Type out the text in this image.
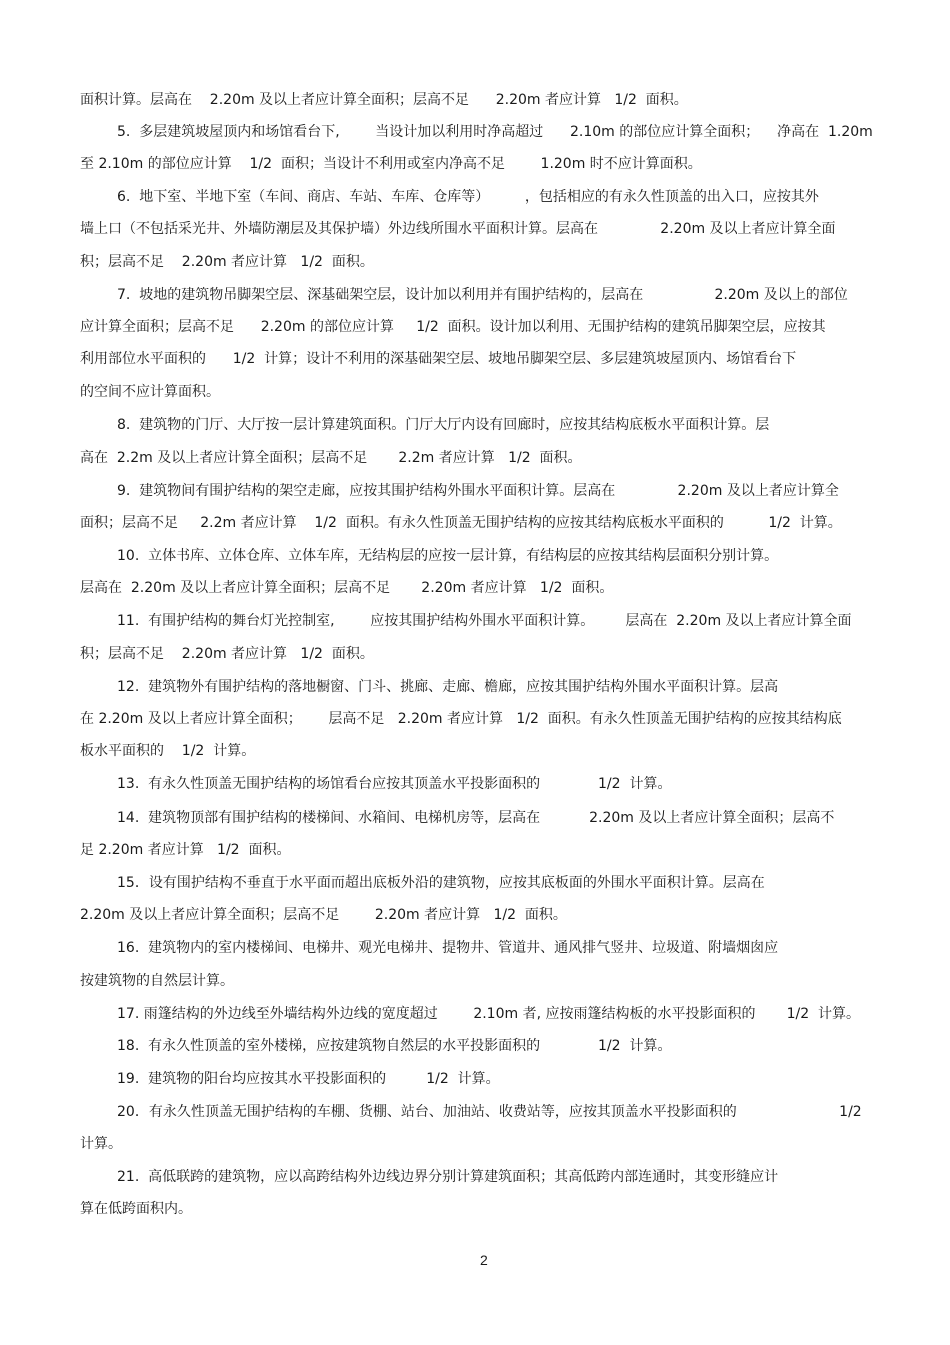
面积计算。层高在    2.20m 及以上者应计算全面积；层高不足      2.20m 者应计算   1/2  面积。
5.  多层建筑坡屋顶内和场馆看台下,        当设计加以利用时净高超过      2.10m 的部位应计算全面积；    净高在  1.20m
至 2.10m 的部位应计算    1/2  面积；当设计不利用或室内净高不足        1.20m 时不应计算面积。
6.  地下室、半地下室（车间、商店、车站、车库、仓库等）        ，包括相应的有永久性顶盖的出入口，应按其外
墙上口（不包括采光井、外墙防潮层及其保护墙）外边线所围水平面积计算。层高在              2.20m 及以上者应计算全面
积；层高不足    2.20m 者应计算   1/2  面积。
7.  坡地的建筑物吊脚架空层、深基础架空层，设计加以利用并有围护结构的，层高在                2.20m 及以上的部位
应计算全面积；层高不足      2.20m 的部位应计算     1/2  面积。设计加以利用、无围护结构的建筑吊脚架空层，应按其
利用部位水平面积的      1/2  计算；设计不利用的深基础架空层、坡地吊脚架空层、多层建筑坡屋顶内、场馆看台下
的空间不应计算面积。
8.  建筑物的门厅、大厅按一层计算建筑面积。门厅大厅内设有回廊时，应按其结构底板水平面积计算。层
高在  2.2m 及以上者应计算全面积；层高不足       2.2m 者应计算   1/2  面积。
9.  建筑物间有围护结构的架空走廊，应按其围护结构外围水平面积计算。层高在              2.20m 及以上者应计算全
面积；层高不足     2.2m 者应计算    1/2  面积。有永久性顶盖无围护结构的应按其结构底板水平面积的          1/2  计算。
10.  立体书库、立体仓库、立体车库，无结构层的应按一层计算，有结构层的应按其结构层面积分别计算。
层高在  2.20m 及以上者应计算全面积；层高不足       2.20m 者应计算   1/2  面积。
11.  有围护结构的舞台灯光控制室,        应按其围护结构外围水平面积计算。       层高在  2.20m 及以上者应计算全面
积；层高不足    2.20m 者应计算   1/2  面积。
12.  建筑物外有围护结构的落地橱窗、门斗、挑廊、走廊、檐廊，应按其围护结构外围水平面积计算。层高
在 2.20m 及以上者应计算全面积；      层高不足   2.20m 者应计算   1/2  面积。有永久性顶盖无围护结构的应按其结构底
板水平面积的    1/2  计算。
13.  有永久性顶盖无围护结构的场馆看台应按其顶盖水平投影面积的             1/2  计算。
14.  建筑物顶部有围护结构的楼梯间、水箱间、电梯机房等，层高在           2.20m 及以上者应计算全面积；层高不
足 2.20m 者应计算   1/2  面积。
15．设有围护结构不垂直于水平面而超出底板外沿的建筑物，应按其底板面的外围水平面积计算。层高在
2.20m 及以上者应计算全面积；层高不足        2.20m 者应计算   1/2  面积。
16.  建筑物内的室内楼梯间、电梯井、观光电梯井、提物井、管道井、通风排气竖井、垃圾道、附墙烟囱应
按建筑物的自然层计算。
17. 雨篷结构的外边线至外墙结构外边线的宽度超过        2.10m 者, 应按雨篷结构板的水平投影面积的       1/2  计算。
18.  有永久性顶盖的室外楼梯，应按建筑物自然层的水平投影面积的             1/2  计算。
19.  建筑物的阳台均应按其水平投影面积的         1/2  计算。
20．有永久性顶盖无围护结构的车棚、货棚、站台、加油站、收费站等，应按其顶盖水平投影面积的                       1/2
计算。
21.  高低联跨的建筑物，应以高跨结构外边线边界分别计算建筑面积；其高低跨内部连通时，其变形缝应计
算在低跨面积内。
2
